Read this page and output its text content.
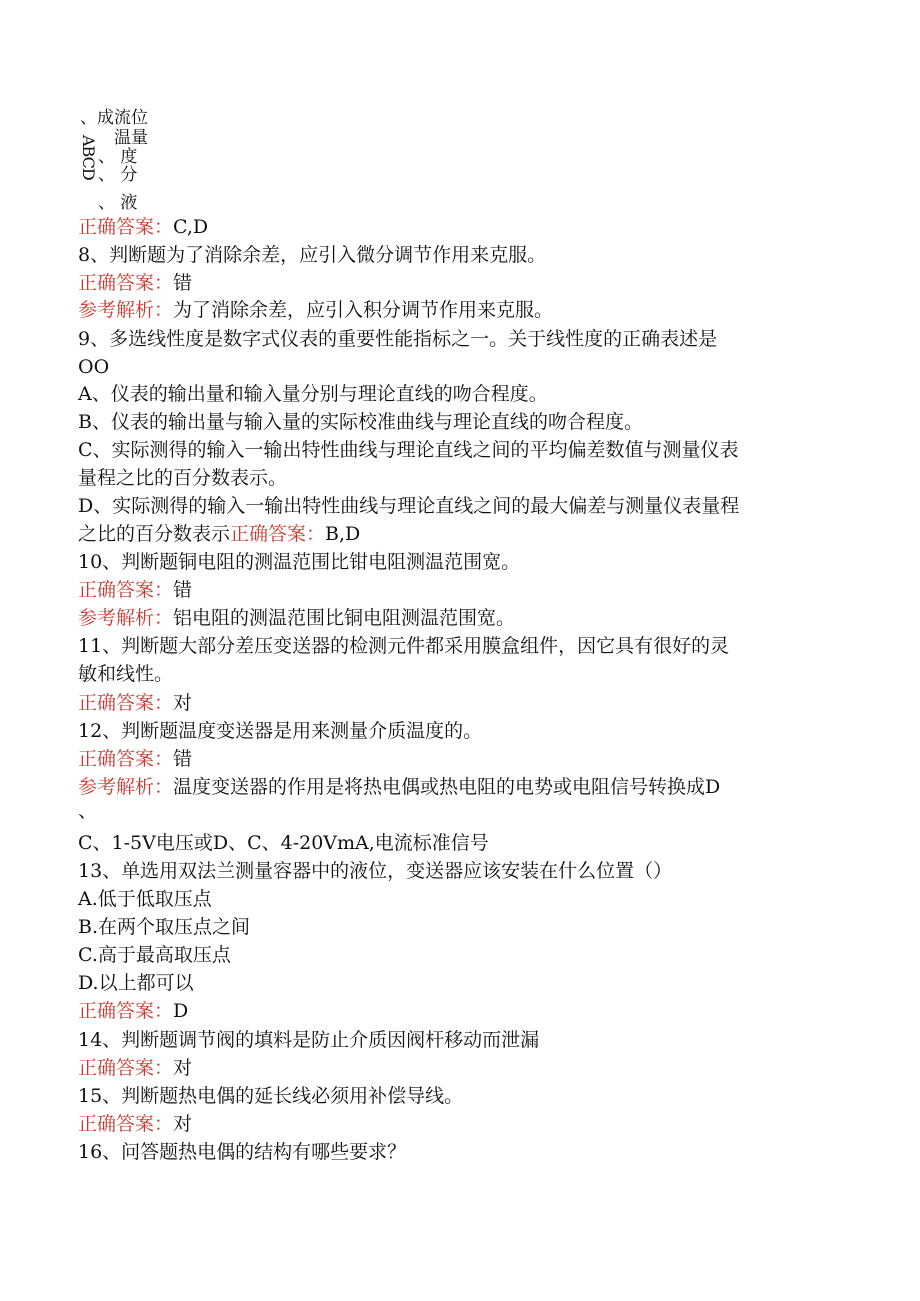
、成流位
温量
、 度
、 分
ABCD
、 液
正确答案：C,D
8、判断题为了消除余差，应引入微分调节作用来克服。
正确答案：错
参考解析：为了消除余差，应引入积分调节作用来克服。
9、多选线性度是数字式仪表的重要性能指标之一。关于线性度的正确表述是
OO
A、仪表的输出量和输入量分别与理论直线的吻合程度。
B、仪表的输出量与输入量的实际校准曲线与理论直线的吻合程度。
C、实际测得的输入一输出特性曲线与理论直线之间的平均偏差数值与测量仪表
量程之比的百分数表示。
D、实际测得的输入一输出特性曲线与理论直线之间的最大偏差与测量仪表量程
之比的百分数表示正确答案：B,D
10、判断题铜电阻的测温范围比钳电阻测温范围宽。
正确答案：错
参考解析：铝电阻的测温范围比铜电阻测温范围宽。
11、判断题大部分差压变送器的检测元件都采用膜盒组件，因它具有很好的灵
敏和线性。
正确答案：对
12、判断题温度变送器是用来测量介质温度的。
正确答案：错
参考解析：温度变送器的作用是将热电偶或热电阻的电势或电阻信号转换成D
、
C、1-5V电压或D、C、4-20VmA,电流标准信号
13、单选用双法兰测量容器中的液位，变送器应该安装在什么位置（）
A.低于低取压点
B.在两个取压点之间
C.高于最高取压点
D.以上都可以
正确答案：D
14、判断题调节阀的填料是防止介质因阀杆移动而泄漏
正确答案：对
15、判断题热电偶的延长线必须用补偿导线。
正确答案：对
16、问答题热电偶的结构有哪些要求？
